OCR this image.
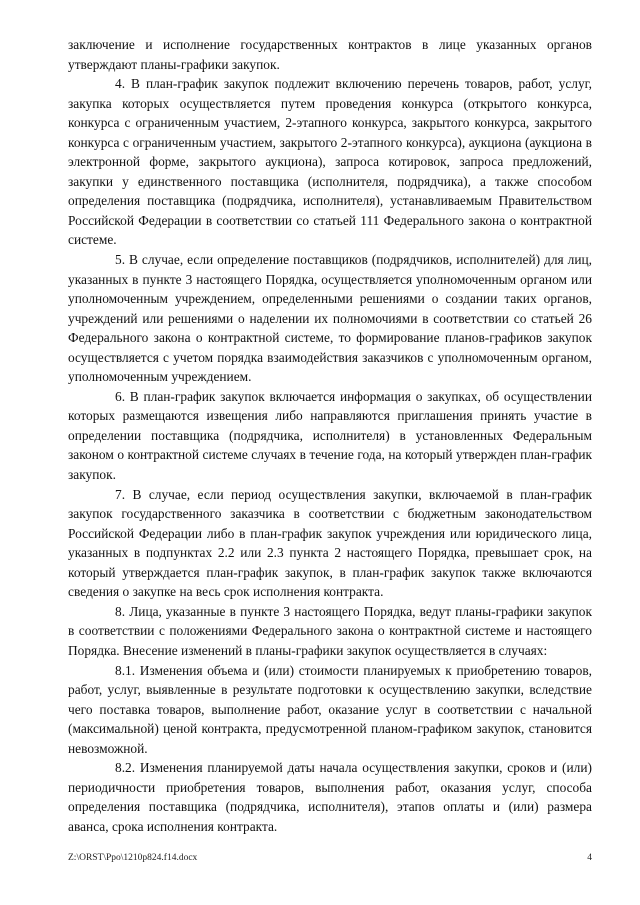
заключение и исполнение государственных контрактов в лице указанных органов утверждают планы-графики закупок.

4. В план-график закупок подлежит включению перечень товаров, работ, услуг, закупка которых осуществляется путем проведения конкурса (открытого конкурса, конкурса с ограниченным участием, 2-этапного конкурса, закрытого конкурса, закрытого конкурса с ограниченным участием, закрытого 2-этапного конкурса), аукциона (аукциона в электронной форме, закрытого аукциона), запроса котировок, запроса предложений, закупки у единственного поставщика (исполнителя, подрядчика), а также способом определения поставщика (подрядчика, исполнителя), устанавливаемым Правительством Российской Федерации в соответствии со статьей 111 Федерального закона о контрактной системе.

5. В случае, если определение поставщиков (подрядчиков, исполнителей) для лиц, указанных в пункте 3 настоящего Порядка, осуществляется уполномоченным органом или уполномоченным учреждением, определенными решениями о создании таких органов, учреждений или решениями о наделении их полномочиями в соответствии со статьей 26 Федерального закона о контрактной системе, то формирование планов-графиков закупок осуществляется с учетом порядка взаимодействия заказчиков с уполномоченным органом, уполномоченным учреждением.

6. В план-график закупок включается информация о закупках, об осуществлении которых размещаются извещения либо направляются приглашения принять участие в определении поставщика (подрядчика, исполнителя) в установленных Федеральным законом о контрактной системе случаях в течение года, на который утвержден план-график закупок.

7. В случае, если период осуществления закупки, включаемой в план-график закупок государственного заказчика в соответствии с бюджетным законодательством Российской Федерации либо в план-график закупок учреждения или юридического лица, указанных в подпунктах 2.2 или 2.3 пункта 2 настоящего Порядка, превышает срок, на который утверждается план-график закупок, в план-график закупок также включаются сведения о закупке на весь срок исполнения контракта.

8. Лица, указанные в пункте 3 настоящего Порядка, ведут планы-графики закупок в соответствии с положениями Федерального закона о контрактной системе и настоящего Порядка. Внесение изменений в планы-графики закупок осуществляется в случаях:

8.1. Изменения объема и (или) стоимости планируемых к приобретению товаров, работ, услуг, выявленные в результате подготовки к осуществлению закупки, вследствие чего поставка товаров, выполнение работ, оказание услуг в соответствии с начальной (максимальной) ценой контракта, предусмотренной планом-графиком закупок, становится невозможной.

8.2. Изменения планируемой даты начала осуществления закупки, сроков и (или) периодичности приобретения товаров, выполнения работ, оказания услуг, способа определения поставщика (подрядчика, исполнителя), этапов оплаты и (или) размера аванса, срока исполнения контракта.

Z:\ORST\Ppo\1210p824.f14.docx	4
